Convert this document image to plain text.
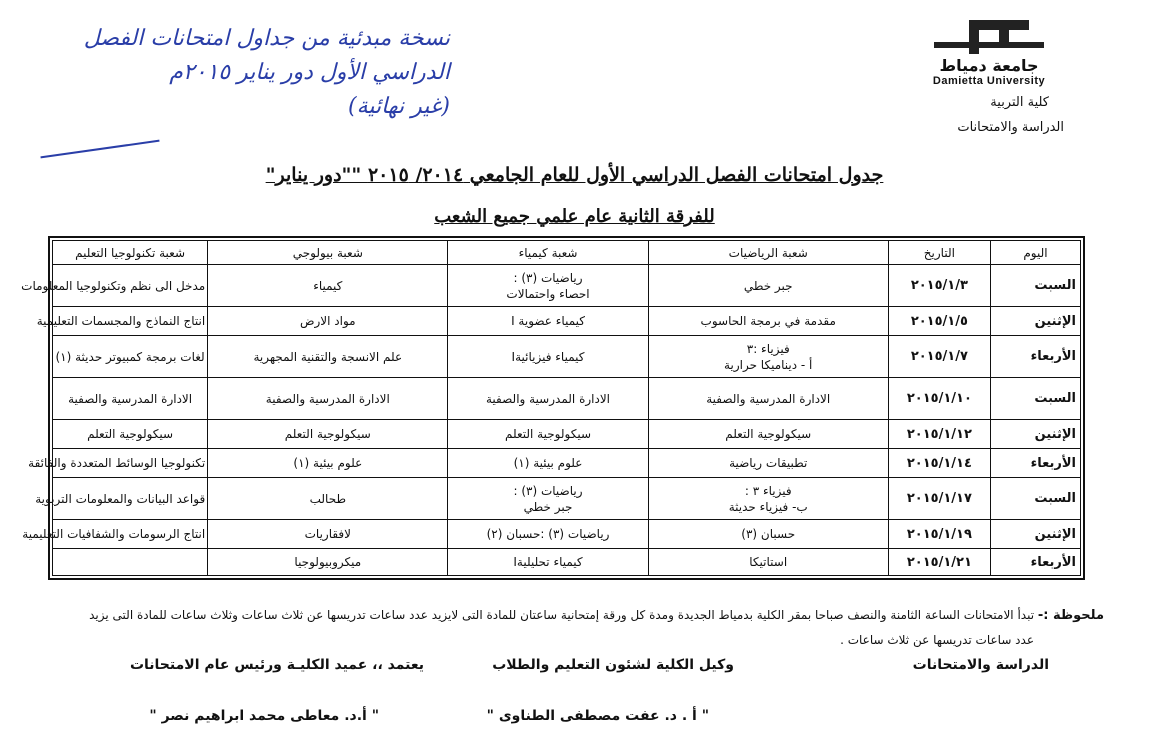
نسخة مبدئية من جداول امتحانات الفصل
الدراسي الأول دور يناير ٢٠١٥م
(غير نهائية)
جامعة دمياط
Damietta University
كلية التربية
الدراسة والامتحانات
جدول امتحانات الفصل الدراسي الأول للعام الجامعي ٢٠١٤/ ٢٠١٥ ""دور يناير"
للفرقة الثانية عام علمي جميع الشعب
اليوم	التاريخ	شعبة الرياضيات	شعبة كيمياء	شعبة بيولوجي	شعبة تكنولوجيا التعليم
السبت	٢٠١٥/١/٣	جبر خطي	رياضيات (٣) :
احصاء واحتمالات	كيمياء	مدخل الى نظم وتكنولوجيا المعلومات

الإثنين	٢٠١٥/١/٥	مقدمة في برمجة الحاسوب	كيمياء عضوية I	مواد الارض	انتاج النماذج والمجسمات التعليمية

الأربعاء	٢٠١٥/١/٧	فيزياء :٣
أ - ديناميكا حرارية	كيمياء فيزيائيةI	علم الانسجة والتقنية المجهرية	لغات برمجة كمبيوتر حديثة (١)

السبت	٢٠١٥/١/١٠	الادارة المدرسية والصفية	الادارة المدرسية والصفية	الادارة المدرسية والصفية	الادارة المدرسية والصفية

الإثنين	٢٠١٥/١/١٢	سيكولوجية التعلم	سيكولوجية التعلم	سيكولوجية التعلم	سيكولوجية التعلم

الأربعاء	٢٠١٥/١/١٤	تطبيقات رياضية	علوم بيئية (١)	علوم بيئية (١)	تكنولوجيا الوسائط المتعددة والفائقة

السبت	٢٠١٥/١/١٧	فيزياء ٣ :
ب- فيزياء حديثة	رياضيات (٣) :
جبر خطي	طحالب	قواعد البيانات والمعلومات التربوية

الإثنين	٢٠١٥/١/١٩	حسبان (٣)	رياضيات (٣) :حسبان (٢)	لافقاريات	انتاج الرسومات والشفافيات التعليمية

الأربعاء	٢٠١٥/١/٢١	استاتيكا	كيمياء تحليليةI	ميكروبيولوجيا	

ملحوظة :- تبدأ الامتحانات الساعة الثامنة والنصف صباحا بمقر الكلية بدمياط الجديدة ومدة كل ورقة إمتحانية ساعتان للمادة التى لايزيد عدد ساعات تدريسها عن ثلاث ساعات وثلاث ساعات للمادة التى يزيد
عدد ساعات تدريسها عن ثلاث ساعات .
الدراسة والامتحانات
وكيل الكلية لشئون التعليم والطلاب
" أ . د. عفت مصطفى الطناوى "
يعتمد ،، عميد الكليـة ورئيس عام الامتحانات
" أ.د. معاطى محمد ابراهيم نصر "
